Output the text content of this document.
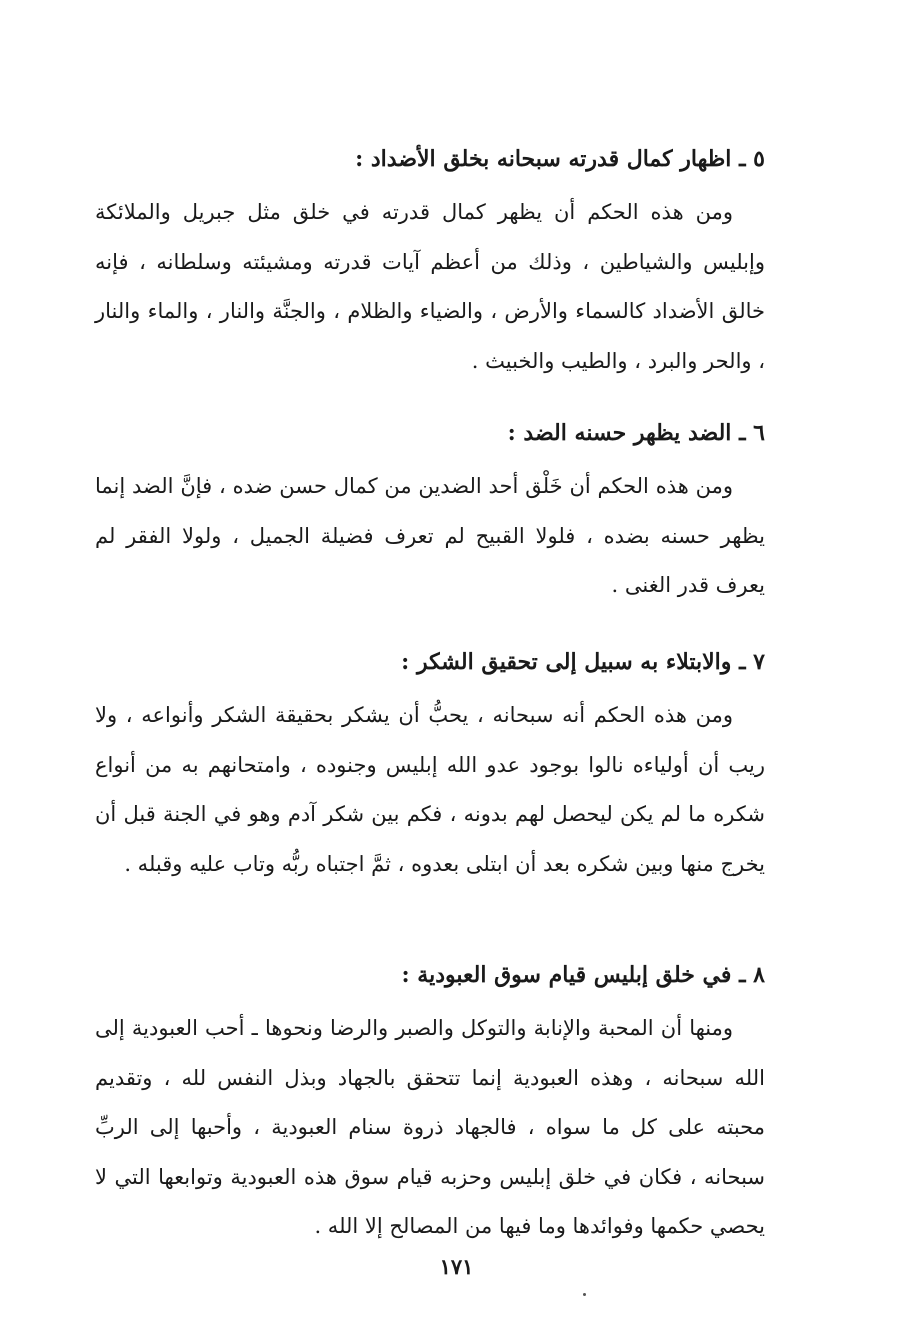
٥ ـ اظهار كمال قدرته سبحانه بخلق الأضداد :

ومن هذه الحكم أن يظهر كمال قدرته في خلق مثل جبريل والملائكة وإبليس والشياطين ، وذلك من أعظم آيات قدرته ومشيئته وسلطانه ، فإنه خالق الأضداد كالسماء والأرض ، والضياء والظلام ، والجنَّة والنار ، والماء والنار ، والحر والبرد ، والطيب والخبيث .

٦ ـ الضد يظهر حسنه الضد :

ومن هذه الحكم أن خَلْق أحد الضدين من كمال حسن ضده ، فإنَّ الضد إنما يظهر حسنه بضده ، فلولا القبيح لم تعرف فضيلة الجميل ، ولولا الفقر لم يعرف قدر الغنى .

٧ ـ والابتلاء به سبيل إلى تحقيق الشكر :

ومن هذه الحكم أنه سبحانه ، يحبُّ أن يشكر بحقيقة الشكر وأنواعه ، ولا ريب أن أولياءه نالوا بوجود عدو الله إبليس وجنوده ، وامتحانهم به من أنواع شكره ما لم يكن ليحصل لهم بدونه ، فكم بين شكر آدم وهو في الجنة قبل أن يخرج منها وبين شكره بعد أن ابتلى بعدوه ، ثمَّ اجتباه ربُّه وتاب عليه وقبله .

٨ ـ في خلق إبليس قيام سوق العبودية :

ومنها أن المحبة والإنابة والتوكل والصبر والرضا ونحوها ـ أحب العبودية إلى الله سبحانه ، وهذه العبودية إنما تتحقق بالجهاد وبذل النفس لله ، وتقديم محبته على كل ما سواه ، فالجهاد ذروة سنام العبودية ، وأحبها إلى الربِّ سبحانه ، فكان في خلق إبليس وحزبه قيام سوق هذه العبودية وتوابعها التي لا يحصي حكمها وفوائدها وما فيها من المصالح إلا الله .

١٧١
